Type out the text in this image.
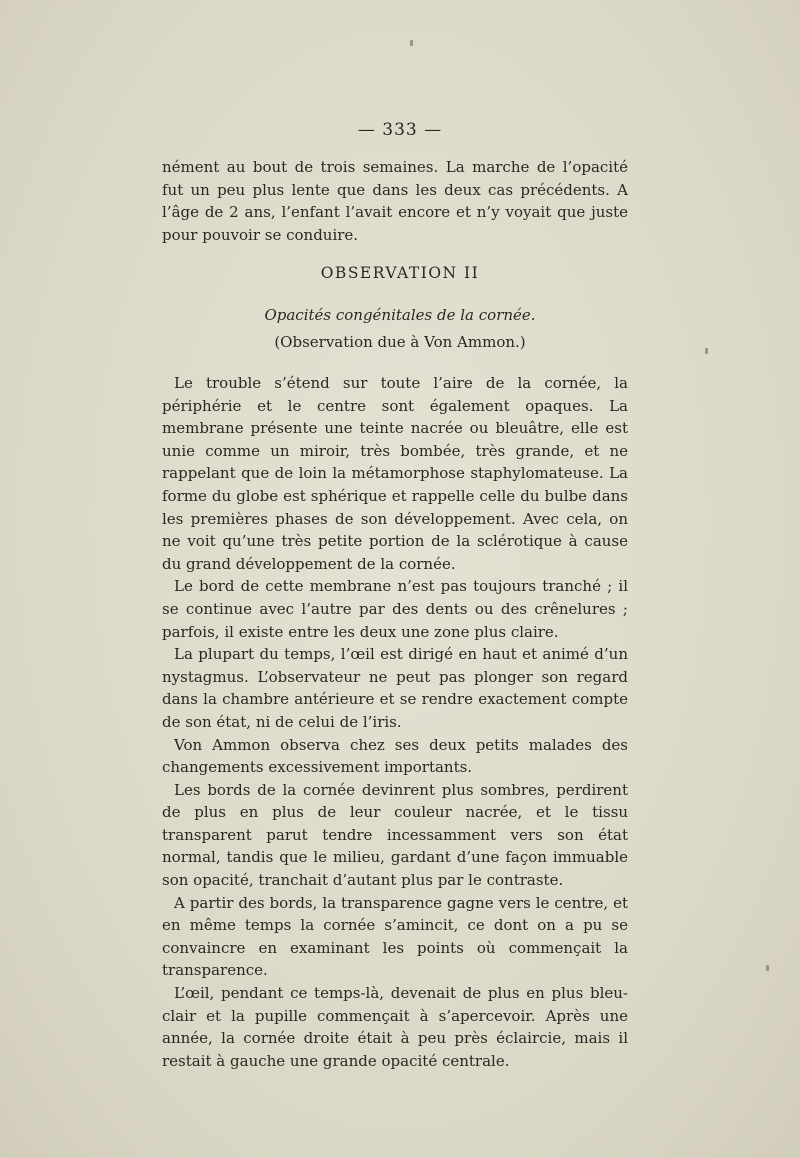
— 333 —

nément au bout de trois semaines. La marche de l’opacité fut un peu plus lente que dans les deux cas précédents. A l’âge de 2 ans, l’enfant l’avait encore et n’y voyait que juste pour pouvoir se conduire.

OBSERVATION II
Opacités congénitales de la cornée.
(Observation due à Von Ammon.)

Le trouble s’étend sur toute l’aire de la cornée, la périphérie et le centre sont également opaques. La membrane présente une teinte nacrée ou bleuâtre, elle est unie comme un miroir, très bombée, très grande, et ne rappelant que de loin la métamorphose staphylomateuse. La forme du globe est sphérique et rappelle celle du bulbe dans les premières phases de son développement. Avec cela, on ne voit qu’une très petite portion de la sclérotique à cause du grand développement de la cornée.

Le bord de cette membrane n’est pas toujours tranché ; il se continue avec l’autre par des dents ou des crênelures ; parfois, il existe entre les deux une zone plus claire.

La plupart du temps, l’œil est dirigé en haut et animé d’un nystagmus. L’observateur ne peut pas plonger son regard dans la chambre antérieure et se rendre exactement compte de son état, ni de celui de l’iris.

Von Ammon observa chez ses deux petits malades des changements excessivement importants.

Les bords de la cornée devinrent plus sombres, perdirent de plus en plus de leur couleur nacrée, et le tissu transparent parut tendre incessamment vers son état normal, tandis que le milieu, gardant d’une façon immuable son opacité, tranchait d’autant plus par le contraste.

A partir des bords, la transparence gagne vers le centre, et en même temps la cornée s’amincit, ce dont on a pu se convaincre en examinant les points où commençait la transparence.

L’œil, pendant ce temps-là, devenait de plus en plus bleu-clair et la pupille commençait à s’apercevoir. Après une année, la cornée droite était à peu près éclaircie, mais il restait à gauche une grande opacité centrale.
